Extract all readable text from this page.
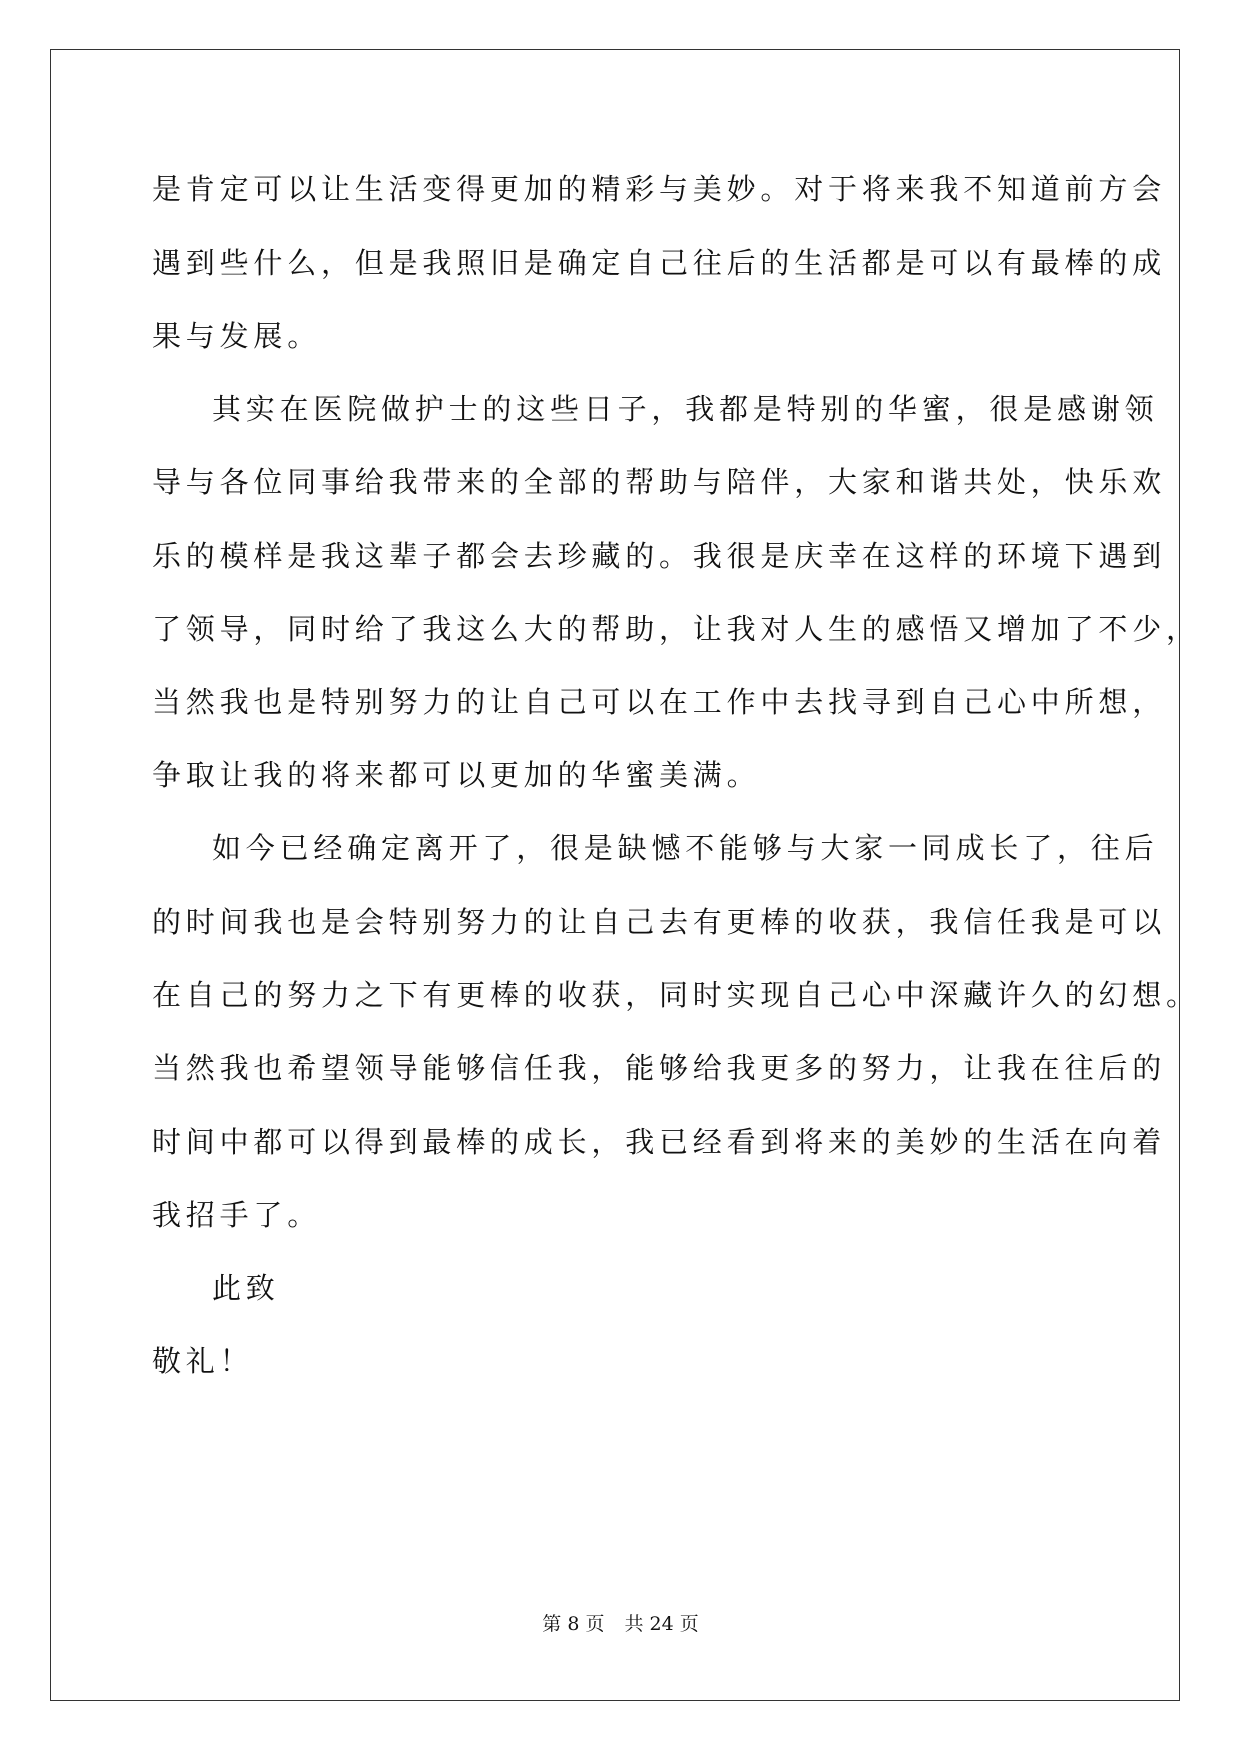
是肯定可以让生活变得更加的精彩与美妙。对于将来我不知道前方会
遇到些什么，但是我照旧是确定自己往后的生活都是可以有最棒的成
果与发展。
其实在医院做护士的这些日子，我都是特别的华蜜，很是感谢领
导与各位同事给我带来的全部的帮助与陪伴，大家和谐共处，快乐欢
乐的模样是我这辈子都会去珍藏的。我很是庆幸在这样的环境下遇到
了领导，同时给了我这么大的帮助，让我对人生的感悟又增加了不少，
当然我也是特别努力的让自己可以在工作中去找寻到自己心中所想，
争取让我的将来都可以更加的华蜜美满。
如今已经确定离开了，很是缺憾不能够与大家一同成长了，往后
的时间我也是会特别努力的让自己去有更棒的收获，我信任我是可以
在自己的努力之下有更棒的收获，同时实现自己心中深藏许久的幻想。
当然我也希望领导能够信任我，能够给我更多的努力，让我在往后的
时间中都可以得到最棒的成长，我已经看到将来的美妙的生活在向着
我招手了。
此致
敬礼！
第 8 页 共 24 页
